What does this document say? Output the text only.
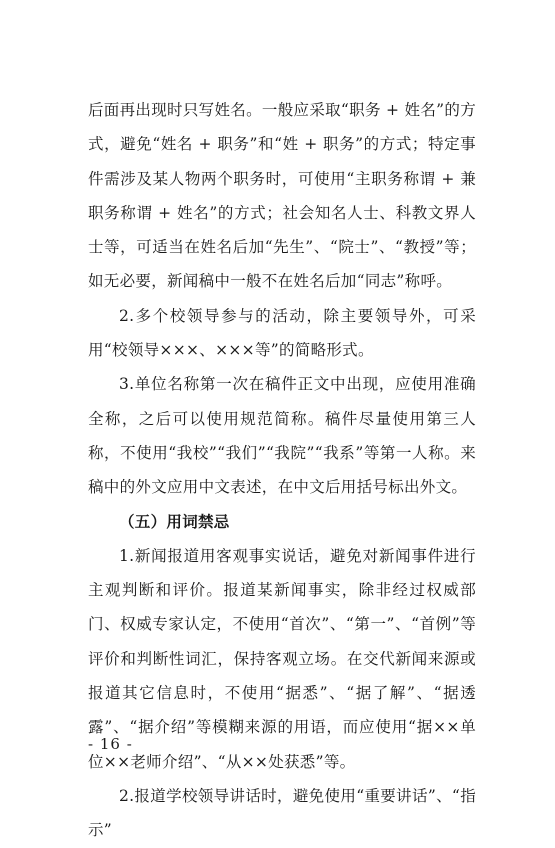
后面再出现时只写姓名。一般应采取“职务 + 姓名”的方式，避免“姓名 + 职务”和“姓 + 职务”的方式；特定事件需涉及某人物两个职务时，可使用“主职务称谓 + 兼职务称谓 + 姓名”的方式；社会知名人士、科教文界人士等，可适当在姓名后加“先生”、“院士”、“教授”等；如无必要，新闻稿中一般不在姓名后加“同志”称呼。

2.多个校领导参与的活动，除主要领导外，可采用“校领导×××、×××等”的简略形式。

3.单位名称第一次在稿件正文中出现，应使用准确全称，之后可以使用规范简称。稿件尽量使用第三人称，不使用“我校”“我们”“我院”“我系”等第一人称。来稿中的外文应用中文表述，在中文后用括号标出外文。

（五）用词禁忌

1.新闻报道用客观事实说话，避免对新闻事件进行主观判断和评价。报道某新闻事实，除非经过权威部门、权威专家认定，不使用“首次”、“第一”、“首例”等评价和判断性词汇，保持客观立场。在交代新闻来源或报道其它信息时，不使用“据悉”、“据了解”、“据透露”、“据介绍”等模糊来源的用语，而应使用“据××单位××老师介绍”、“从××处获悉”等。

2.报道学校领导讲话时，避免使用“重要讲话”、“指示”

- 16 -
